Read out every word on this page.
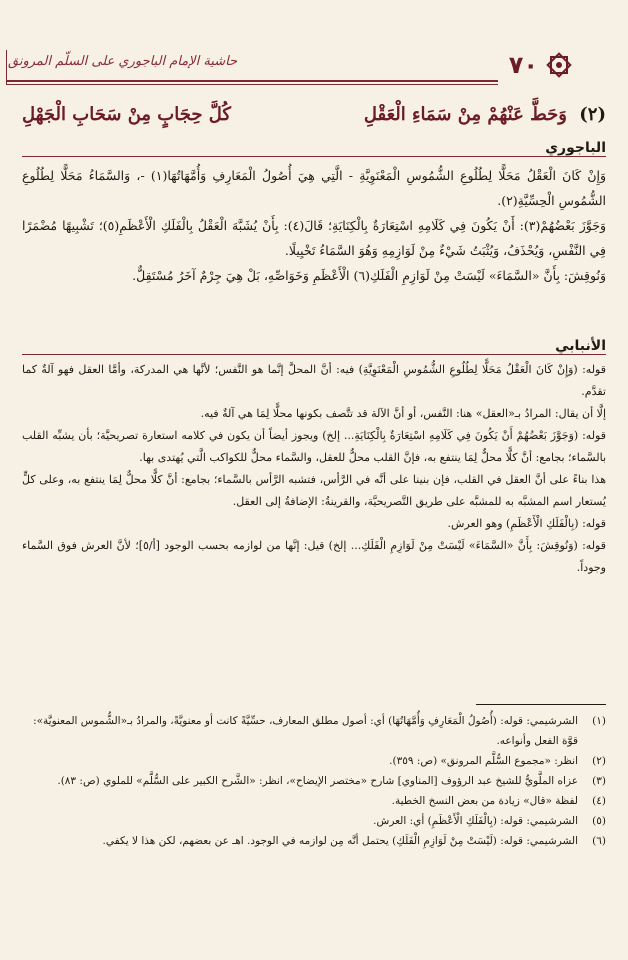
٧٠
حاشية الإمام الباجوري على السلّم المرونق
(٢) وَحَطَّ عَنْهُمْ مِنْ سَمَاءِ الْعَقْلِ
كُلَّ حِجَابٍ مِنْ سَحَابِ الْجَهْلِ
الباجوري

وَإِنْ كَانَ الْعَقْلُ مَحَلًّا لِطُلُوعِ الشُّمُوسِ الْمَعْنَوِيَّةِ - الَّتِي هِيَ أُصُولُ الْمَعَارِفِ وَأُمَّهَاتُهَا(١) -، وَالسَّمَاءُ مَحَلًّا لِطُلُوعِ الشُّمُوسِ الْحِسِّيَّةِ(٢).

وَجَوَّزَ بَعْضُهُمْ(٣): أَنْ يَكُونَ فِي كَلَامِهِ اسْتِعَارَةٌ بِالْكِنَايَةِ؛ قَالَ(٤): بِأَنْ يُشَبَّهَ الْعَقْلُ بِالْفَلَكِ الْأَعْظَمِ(٥)؛ تَشْبِيهًا مُضْمَرًا فِي النَّفْسِ، وَيُحْذَفُ، وَيُثْبَتُ شَيْءٌ مِنْ لَوَازِمِهِ وَهُوَ السَّمَاءُ تَخْيِيلًا.

وَنُوقِشَ: بِأَنَّ «السَّمَاءَ» لَيْسَتْ مِنْ لَوَازِمِ الْفَلَكِ(٦) الْأَعْظَمِ وَخَوَاصِّهِ، بَلْ هِيَ جِرْمٌ آخَرُ مُسْتَقِلٌّ.

الأنبابي

قوله: (وَإِنْ كَانَ الْعَقْلُ مَحَلًّا لِطُلُوعِ الشُّمُوسِ الْمَعْنَوِيَّةِ) فيه: أنَّ المحلَّ إنَّما هو النَّفس؛ لأنَّها هي المدركة، وأمَّا العقل فهو آلةٌ كما تقدَّم.

إلَّا أن يقال: المرادُ بـ«العقل» هنا: النَّفس، أو أنَّ الآلة قد تتَّصف بكونها محلًّا لِمَا هي آلةٌ فيه.

قوله: (وَجَوَّزَ بَعْضُهُمْ أَنْ يَكُونَ فِي كَلَامِهِ اسْتِعَارَةٌ بِالْكِنَايَةِ... إلخ) ويجوز أيضاً أن يكون في كلامه استعارة تصريحيَّة؛ بأن يشبِّه القلب بالسَّماء؛ بجامع: أنَّ كلًّا محلٌّ لِمَا ينتفع به، فإنَّ القلب محلٌّ للعقل، والسَّماء محلٌّ للكواكب الَّتي يُهتدى بها.

هذا بناءً على أنَّ العقل في القلب، فإن بنينا على أنَّه في الرَّأس، فتشبه الرَّأس بالسَّماء؛ بجامع: أنَّ كلًّا محلٌّ لِمَا ينتفع به، وعلى كلٍّ يُستعار اسم المشبَّه به للمشبَّه على طريق التَّصريحيَّة، والقرينةُ: الإضافةُ إلى العقل.

قوله: (بِالْفَلَكِ الْأَعْظَمِ) وهو العرش.

قوله: (وَنُوقِشَ: بِأَنَّ «السَّمَاءَ» لَيْسَتْ مِنْ لَوَازِمِ الْفَلَكِ... إلخ) قيل: إنَّها من لوازمه بحسب الوجود [أ/٥]؛ لأنَّ العرش فوق السَّماء وجوداً.

(١)
الشرشيمي: قوله: (أُصُولُ الْمَعَارِفِ وَأُمَّهَاتُهَا) أي: أصول مطلق المعارف، حسِّيَّةً كانت أو معنويَّةً، والمرادُ بـ«الشُّموس المعنويَّة»: قوَّة الفعل وأنواعه.
(٢)
انظر: «مجموع السُّلَّم المرونق» (ص: ٣٥٩).
(٣)
عزاه الملَّويُّ للشيخ عبد الرؤوف [المناوي] شارح «مختصر الإيضاح»، انظر: «الشَّرح الكبير على السُّلَّم» للملوي (ص: ٨٣).
(٤)
لفظة «قال» زيادة من بعض النسخ الخطية.
(٥)
الشرشيمي: قوله: (بِالْفَلَكِ الْأَعْظَمِ) أي: العرش.
(٦)
الشرشيمي: قوله: (لَيْسَتْ مِنْ لَوَازِمِ الْفَلَكِ) يحتمل أنَّه مِن لوازمه في الوجود. اهـ عن بعضهم، لكن هذا لا يكفي.
